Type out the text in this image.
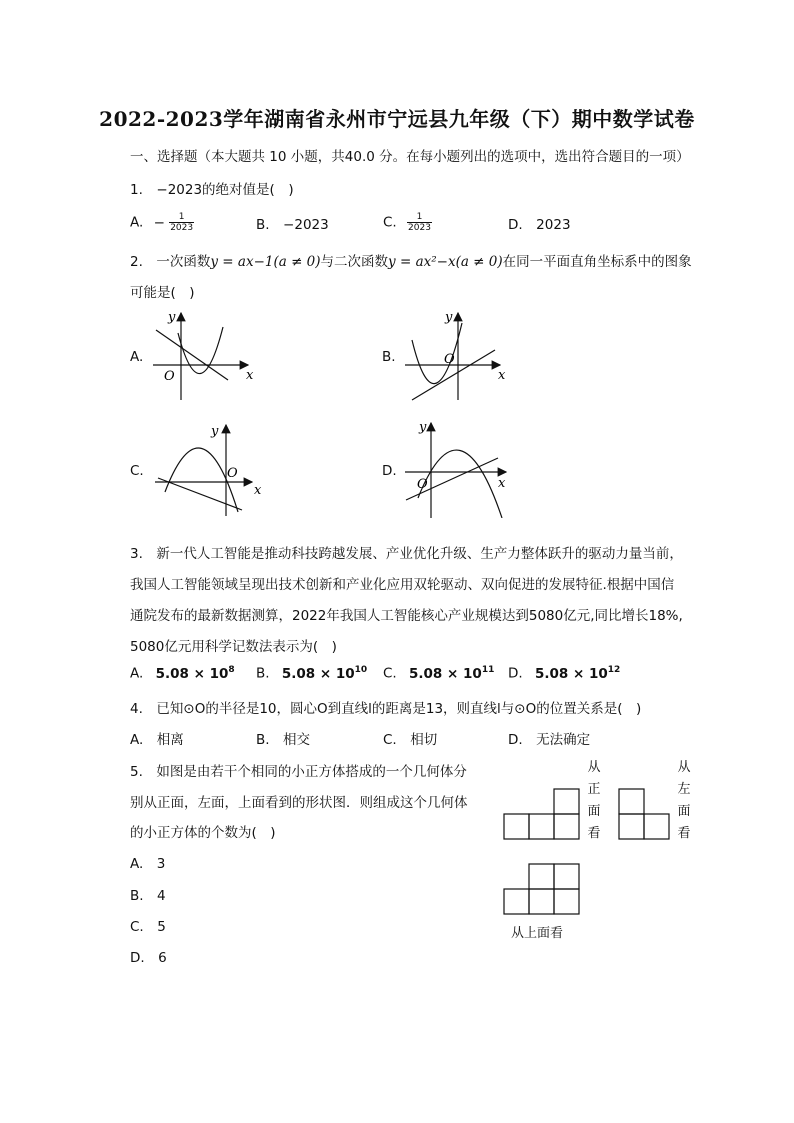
2022-2023学年湖南省永州市宁远县九年级（下）期中数学试卷
一、选择题（本大题共 10 小题，共40.0 分。在每小题列出的选项中，选出符合题目的一项）
1.　−2023的绝对值是(　)
A. − $\frac{1}{2023}$	B.　−2023	C. $\frac{1}{2023}$	D.　2023
2.　一次函数y = ax−1(a ≠ 0)与二次函数y = ax²−x(a ≠ 0)在同一平面直角坐标系中的图象
可能是(　)
A.	B.
C.	D.
y
x
O
y
x
O
y
x
O
y
x
O
3.　新一代人工智能是推动科技跨越发展、产业优化升级、生产力整体跃升的驱动力量当前，
我国人工智能领域呈现出技术创新和产业化应用双轮驱动、双向促进的发展特征.根据中国信
通院发布的最新数据测算，2022年我国人工智能核心产业规模达到5080亿元,同比增长18%,
5080亿元用科学记数法表示为(　)
A. $5.08 \times 10^8$ B. $5.08 \times 10^{10}$ C. $5.08 \times 10^{11}$ D. $5.08 \times 10^{12}$
4.　已知⊙O的半径是10，圆心O到直线l的距离是13，则直线l与⊙O的位置关系是(　)
A.　相离	B.　相交	C.　相切	D.　无法确定
5.　如图是由若干个相同的小正方体搭成的一个几何体分
别从正面，左面，上面看到的形状图．则组成这个几何体
的小正方体的个数为(　)
A.　3
B.　4
C.　5
D.　6
从正面看
从左面看
从上面看
